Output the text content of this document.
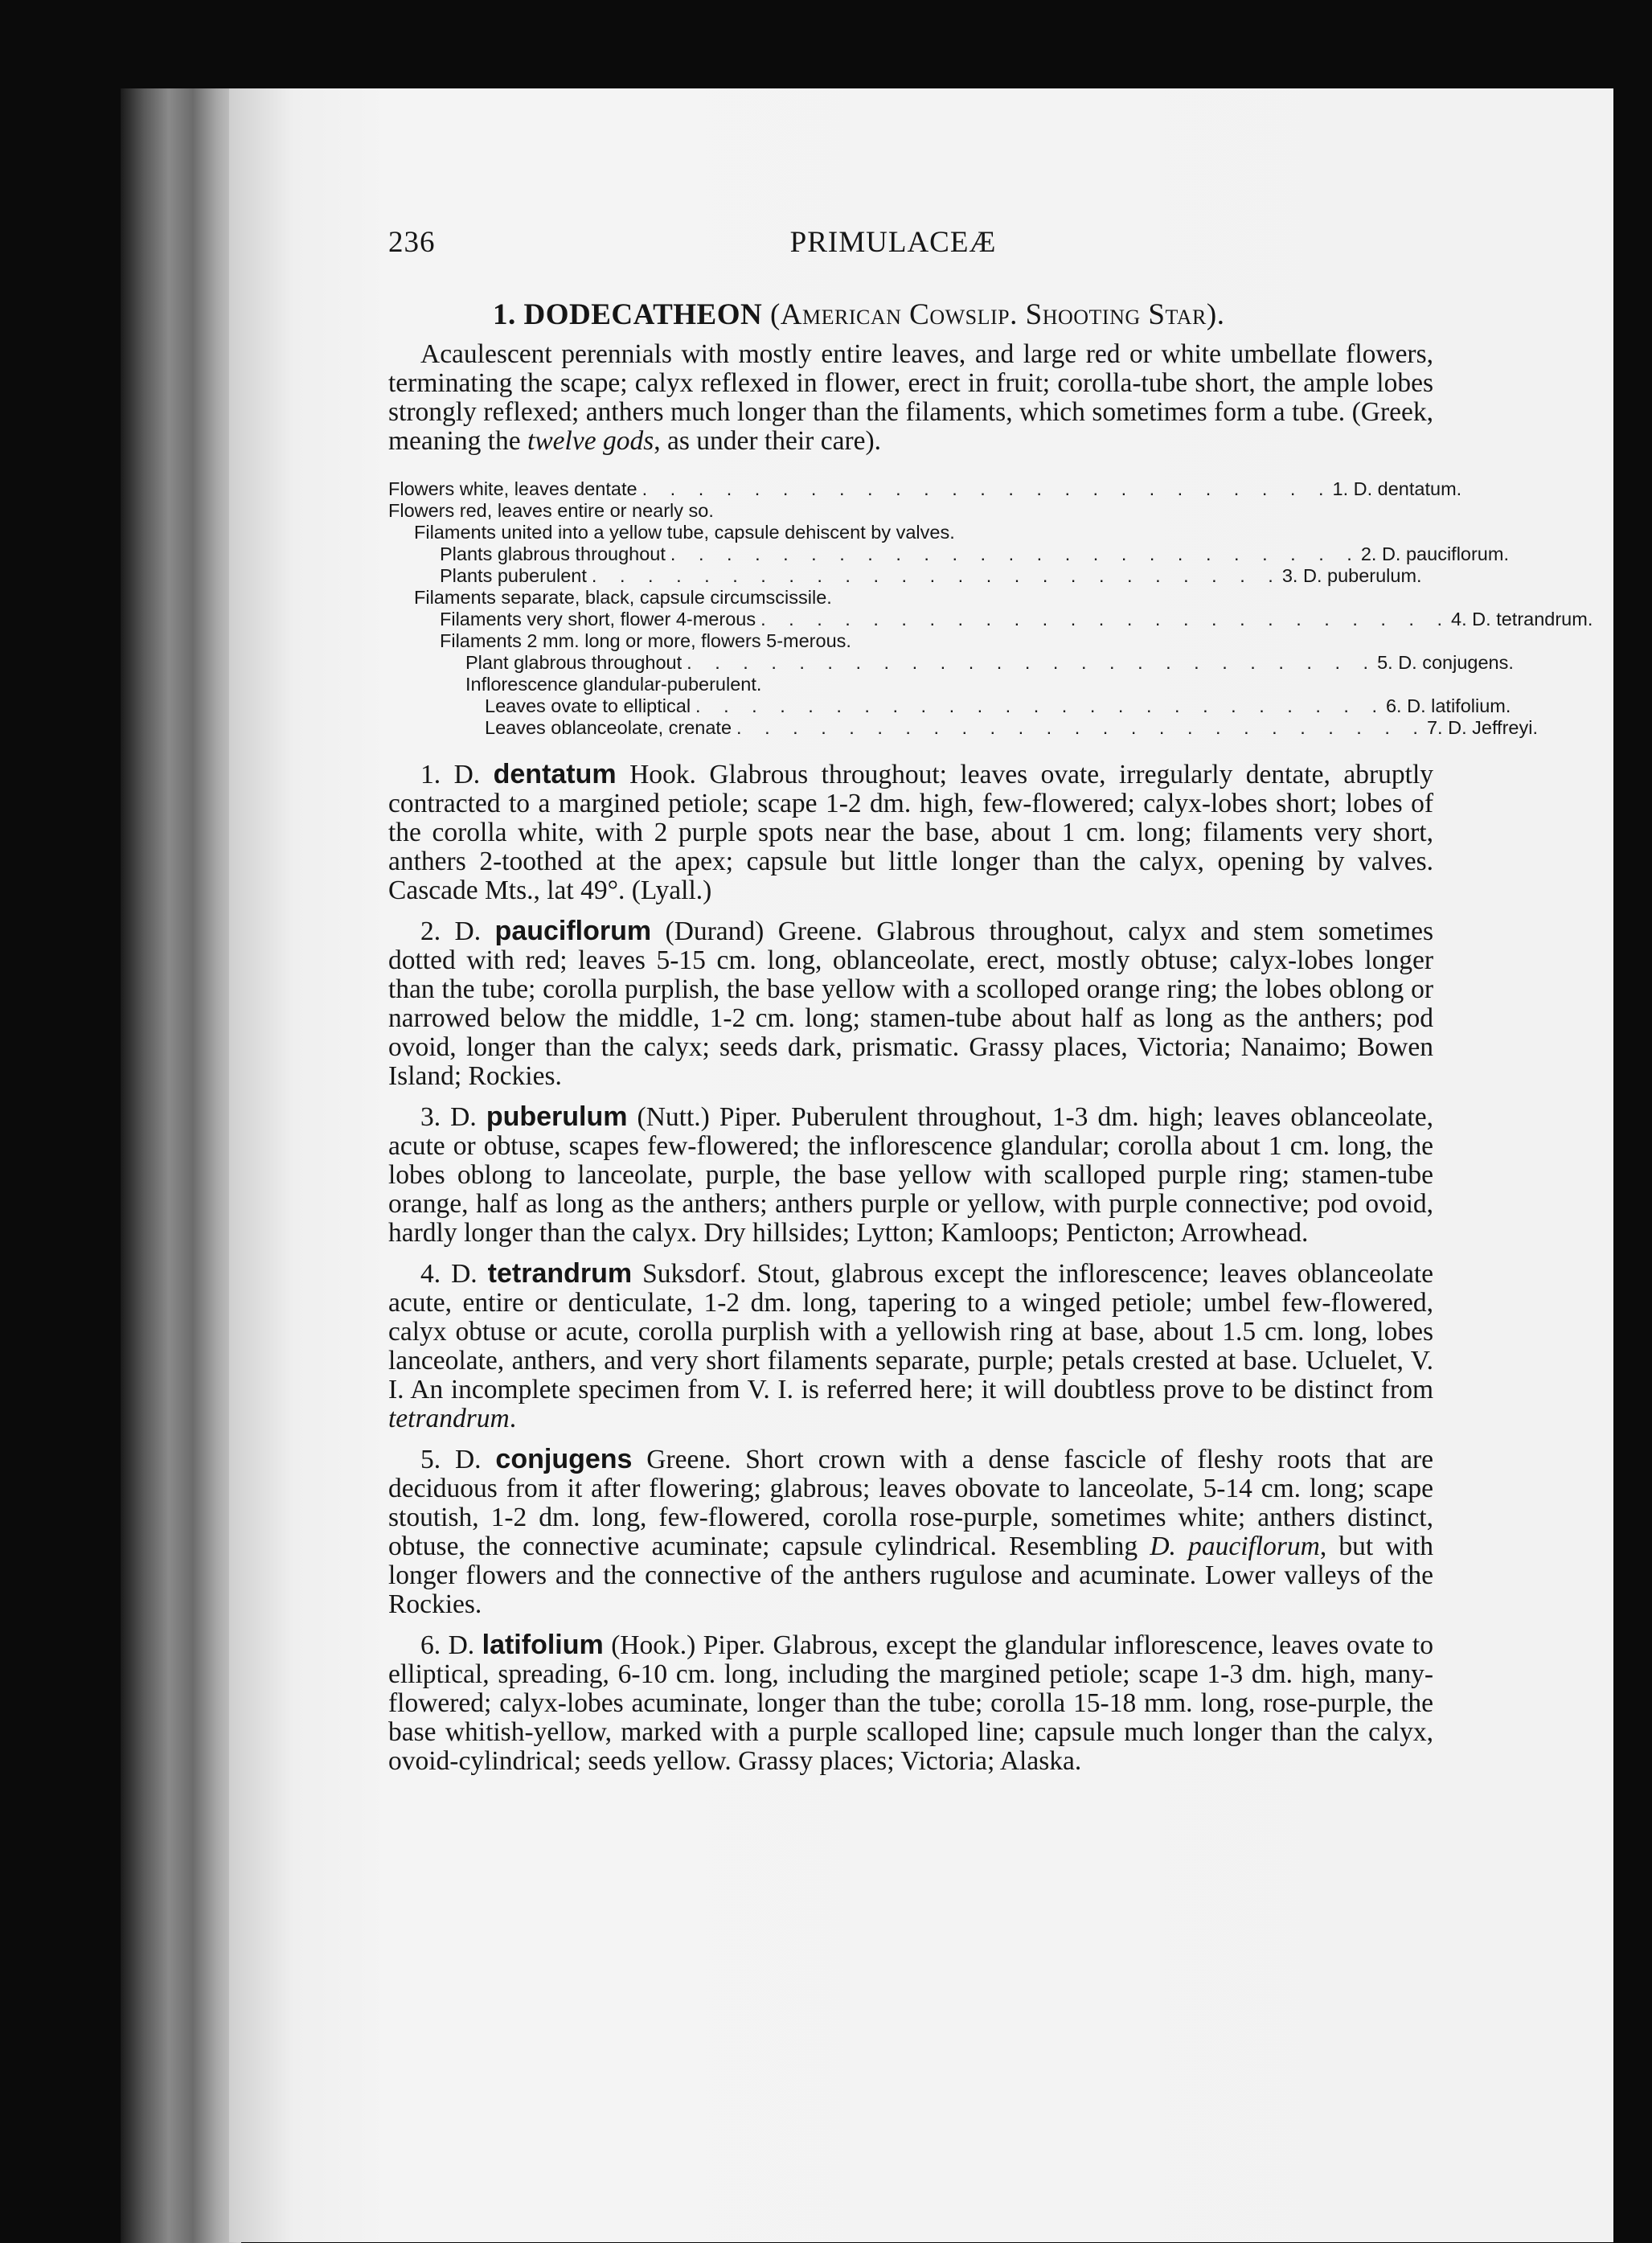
236	PRIMULACEÆ
1. DODECATHEON (American Cowslip. Shooting Star).

Acaulescent perennials with mostly entire leaves, and large red or white umbellate flowers, terminating the scape; calyx reflexed in flower, erect in fruit; corolla-tube short, the ample lobes strongly reflexed; anthers much longer than the filaments, which sometimes form a tube. (Greek, meaning the twelve gods, as under their care).

Flowers white, leaves dentate . . . . . . . . . . . . . . . . . . . . . . . . . 1. D. dentatum.
Flowers red, leaves entire or nearly so.
Filaments united into a yellow tube, capsule dehiscent by valves.
Plants glabrous throughout . . . . . . . . . . . . . . . . . . . . . . . . . 2. D. pauciflorum.
Plants puberulent . . . . . . . . . . . . . . . . . . . . . . . . . 3. D. puberulum.
Filaments separate, black, capsule circumscissile.
Filaments very short, flower 4-merous . . . . . . . . . . . . . . . . . . . . . . . . . 4. D. tetrandrum.
Filaments 2 mm. long or more, flowers 5-merous.
Plant glabrous throughout . . . . . . . . . . . . . . . . . . . . . . . . . 5. D. conjugens.
Inflorescence glandular-puberulent.
Leaves ovate to elliptical . . . . . . . . . . . . . . . . . . . . . . . . . 6. D. latifolium.
Leaves oblanceolate, crenate . . . . . . . . . . . . . . . . . . . . . . . . . 7. D. Jeffreyi.

1. D. dentatum Hook. Glabrous throughout; leaves ovate, irregularly dentate, abruptly contracted to a margined petiole; scape 1-2 dm. high, few-flowered; calyx-lobes short; lobes of the corolla white, with 2 purple spots near the base, about 1 cm. long; filaments very short, anthers 2-toothed at the apex; capsule but little longer than the calyx, opening by valves. Cascade Mts., lat 49°. (Lyall.)

2. D. pauciflorum (Durand) Greene. Glabrous throughout, calyx and stem sometimes dotted with red; leaves 5-15 cm. long, oblanceolate, erect, mostly obtuse; calyx-lobes longer than the tube; corolla purplish, the base yellow with a scolloped orange ring; the lobes oblong or narrowed below the middle, 1-2 cm. long; stamen-tube about half as long as the anthers; pod ovoid, longer than the calyx; seeds dark, prismatic. Grassy places, Victoria; Nanaimo; Bowen Island; Rockies.

3. D. puberulum (Nutt.) Piper. Puberulent throughout, 1-3 dm. high; leaves oblanceolate, acute or obtuse, scapes few-flowered; the inflorescence glandular; corolla about 1 cm. long, the lobes oblong to lanceolate, purple, the base yellow with scalloped purple ring; stamen-tube orange, half as long as the anthers; anthers purple or yellow, with purple connective; pod ovoid, hardly longer than the calyx. Dry hillsides; Lytton; Kamloops; Penticton; Arrowhead.

4. D. tetrandrum Suksdorf. Stout, glabrous except the inflorescence; leaves oblanceolate acute, entire or denticulate, 1-2 dm. long, tapering to a winged petiole; umbel few-flowered, calyx obtuse or acute, corolla purplish with a yellowish ring at base, about 1.5 cm. long, lobes lanceolate, anthers, and very short filaments separate, purple; petals crested at base. Ucluelet, V. I. An incomplete specimen from V. I. is referred here; it will doubtless prove to be distinct from tetrandrum.

5. D. conjugens Greene. Short crown with a dense fascicle of fleshy roots that are deciduous from it after flowering; glabrous; leaves obovate to lanceolate, 5-14 cm. long; scape stoutish, 1-2 dm. long, few-flowered, corolla rose-purple, sometimes white; anthers distinct, obtuse, the connective acuminate; capsule cylindrical. Resembling D. pauciflorum, but with longer flowers and the connective of the anthers rugulose and acuminate. Lower valleys of the Rockies.

6. D. latifolium (Hook.) Piper. Glabrous, except the glandular inflorescence, leaves ovate to elliptical, spreading, 6-10 cm. long, including the margined petiole; scape 1-3 dm. high, many-flowered; calyx-lobes acuminate, longer than the tube; corolla 15-18 mm. long, rose-purple, the base whitish-yellow, marked with a purple scalloped line; capsule much longer than the calyx, ovoid-cylindrical; seeds yellow. Grassy places; Victoria; Alaska.
